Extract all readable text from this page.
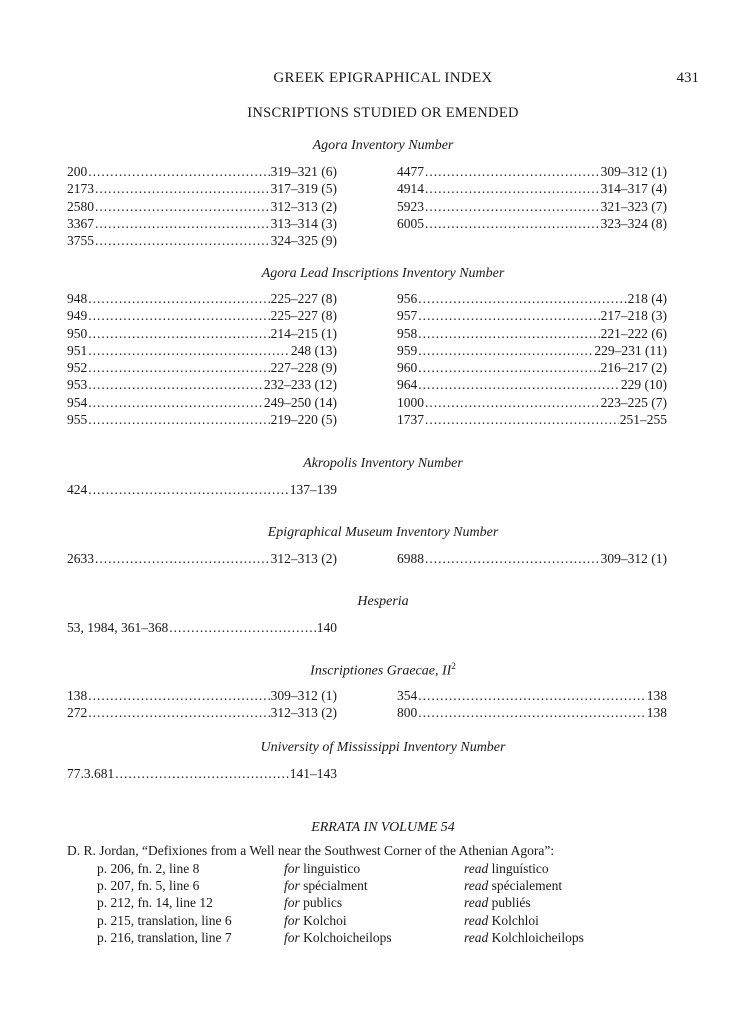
GREEK EPIGRAPHICAL INDEX	431
INSCRIPTIONS STUDIED OR EMENDED
Agora Inventory Number
200 .....	319–321 (6)
2173 .....	317–319 (5)
2580 .....	312–313 (2)
3367 .....	313–314 (3)
3755 .....	324–325 (9)
4477 .....	309–312 (1)
4914 .....	314–317 (4)
5923 .....	321–323 (7)
6005 .....	323–324 (8)
Agora Lead Inscriptions Inventory Number
948 .....	225–227 (8)
949 .....	225–227 (8)
950 .....	214–215 (1)
951 .....	248 (13)
952 .....	227–228 (9)
953 .....	232–233 (12)
954 .....	249–250 (14)
955 .....	219–220 (5)
956 .....	218 (4)
957 .....	217–218 (3)
958 .....	221–222 (6)
959 .....	229–231 (11)
960 .....	216–217 (2)
964 .....	229 (10)
1000 .....	223–225 (7)
1737 .....	251–255
Akropolis Inventory Number
424 .....	137–139
Epigraphical Museum Inventory Number
2633 .....	312–313 (2)	6988 .....	309–312 (1)
Hesperia
53, 1984, 361–368 .....	140
Inscriptiones Graecae, $II^2$
138 .....	309–312 (1)
272 .....	312–313 (2)
354 .....	138
800 .....	138
University of Mississippi Inventory Number
77.3.681 .....	141–143
ERRATA IN VOLUME 54
D. R. Jordan, “Defixiones from a Well near the Southwest Corner of the Athenian Agora”:
p. 206, fn. 2, line 8	for linguistico	read linguístico
p. 207, fn. 5, line 6	for spécialment	read spécialement
p. 212, fn. 14, line 12	for publics	read publiés
p. 215, translation, line 6	for Kolchoi	read Kolchloi
p. 216, translation, line 7	for Kolchoicheilops	read Kolchloicheilops
